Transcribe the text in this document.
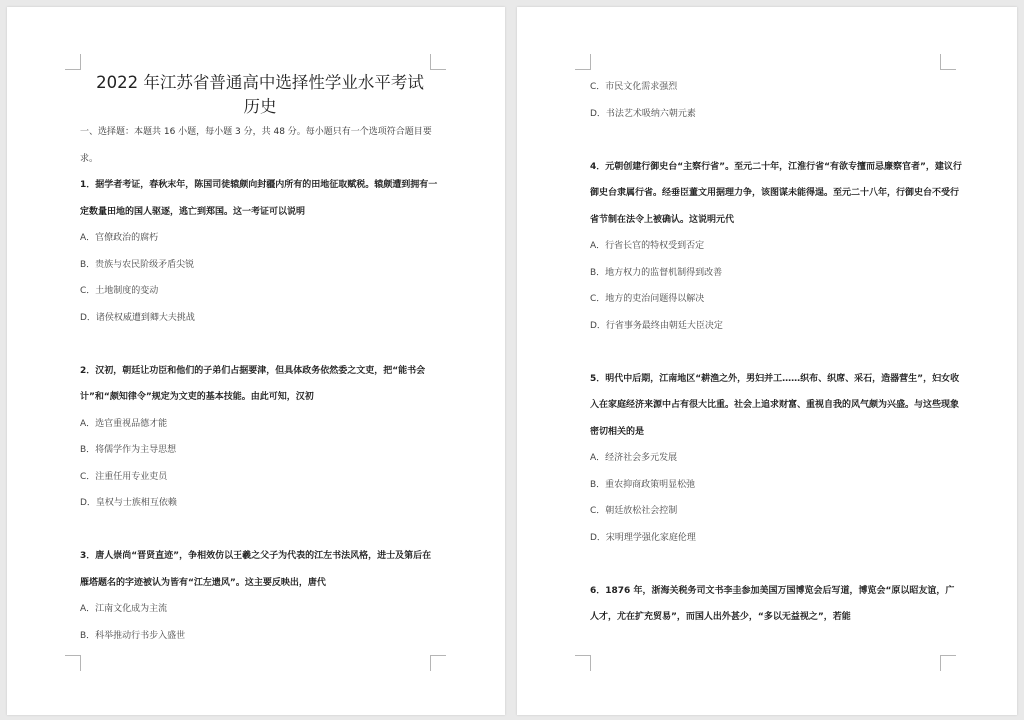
2022 年江苏省普通高中选择性学业水平考试

历史

一、选择题：本题共 16 小题，每小题 3 分，共 48 分。每小题只有一个选项符合题目要求。

1．据学者考证，春秋末年，陈国司徒辕颇向封疆内所有的田地征取赋税。辕颇遭到拥有一定数量田地的国人驱逐，逃亡到郑国。这一考证可以说明

A．官僚政治的腐朽

B．贵族与农民阶级矛盾尖锐

C．土地制度的变动

D．诸侯权威遭到卿大夫挑战

2．汉初，朝廷让功臣和他们的子弟们占据要津，但具体政务依然委之文吏，把“能书会计”和“颇知律令”规定为文吏的基本技能。由此可知，汉初

A．选官重视品德才能

B．将儒学作为主导思想

C．注重任用专业吏员

D．皇权与士族相互依赖

3．唐人崇尚“晋贤直迹”，争相效仿以王羲之父子为代表的江左书法风格，进士及第后在雁塔题名的字迹被认为皆有“江左遗风”。这主要反映出，唐代

A．江南文化成为主流

B．科举推动行书步入盛世

C．市民文化需求强烈

D．书法艺术吸纳六朝元素

4．元朝创建行御史台“主察行省”。至元二十年，江淮行省“有欲专擅而忌廉察官者”，建议行御史台隶属行省。经垂臣董文用据理力争，该图谋未能得逞。至元二十八年，行御史台不受行省节制在法令上被确认。这说明元代

A．行省长官的特权受到否定

B．地方权力的监督机制得到改善

C．地方的吏治问题得以解决

D．行省事务最终由朝廷大臣决定

5．明代中后期，江南地区“耕渔之外，男妇并工……织布、织席、采石，造器营生”，妇女收入在家庭经济来源中占有很大比重。社会上追求财富、重视自我的风气颇为兴盛。与这些现象密切相关的是

A．经济社会多元发展

B．重农抑商政策明显松弛

C．朝廷放松社会控制

D．宋明理学强化家庭伦理

6．1876 年，浙海关税务司文书李圭参加美国万国博览会后写道，博览会“原以昭友谊，广人才，尤在扩充贸易”，而国人出外甚少，“多以无益视之”，若能
